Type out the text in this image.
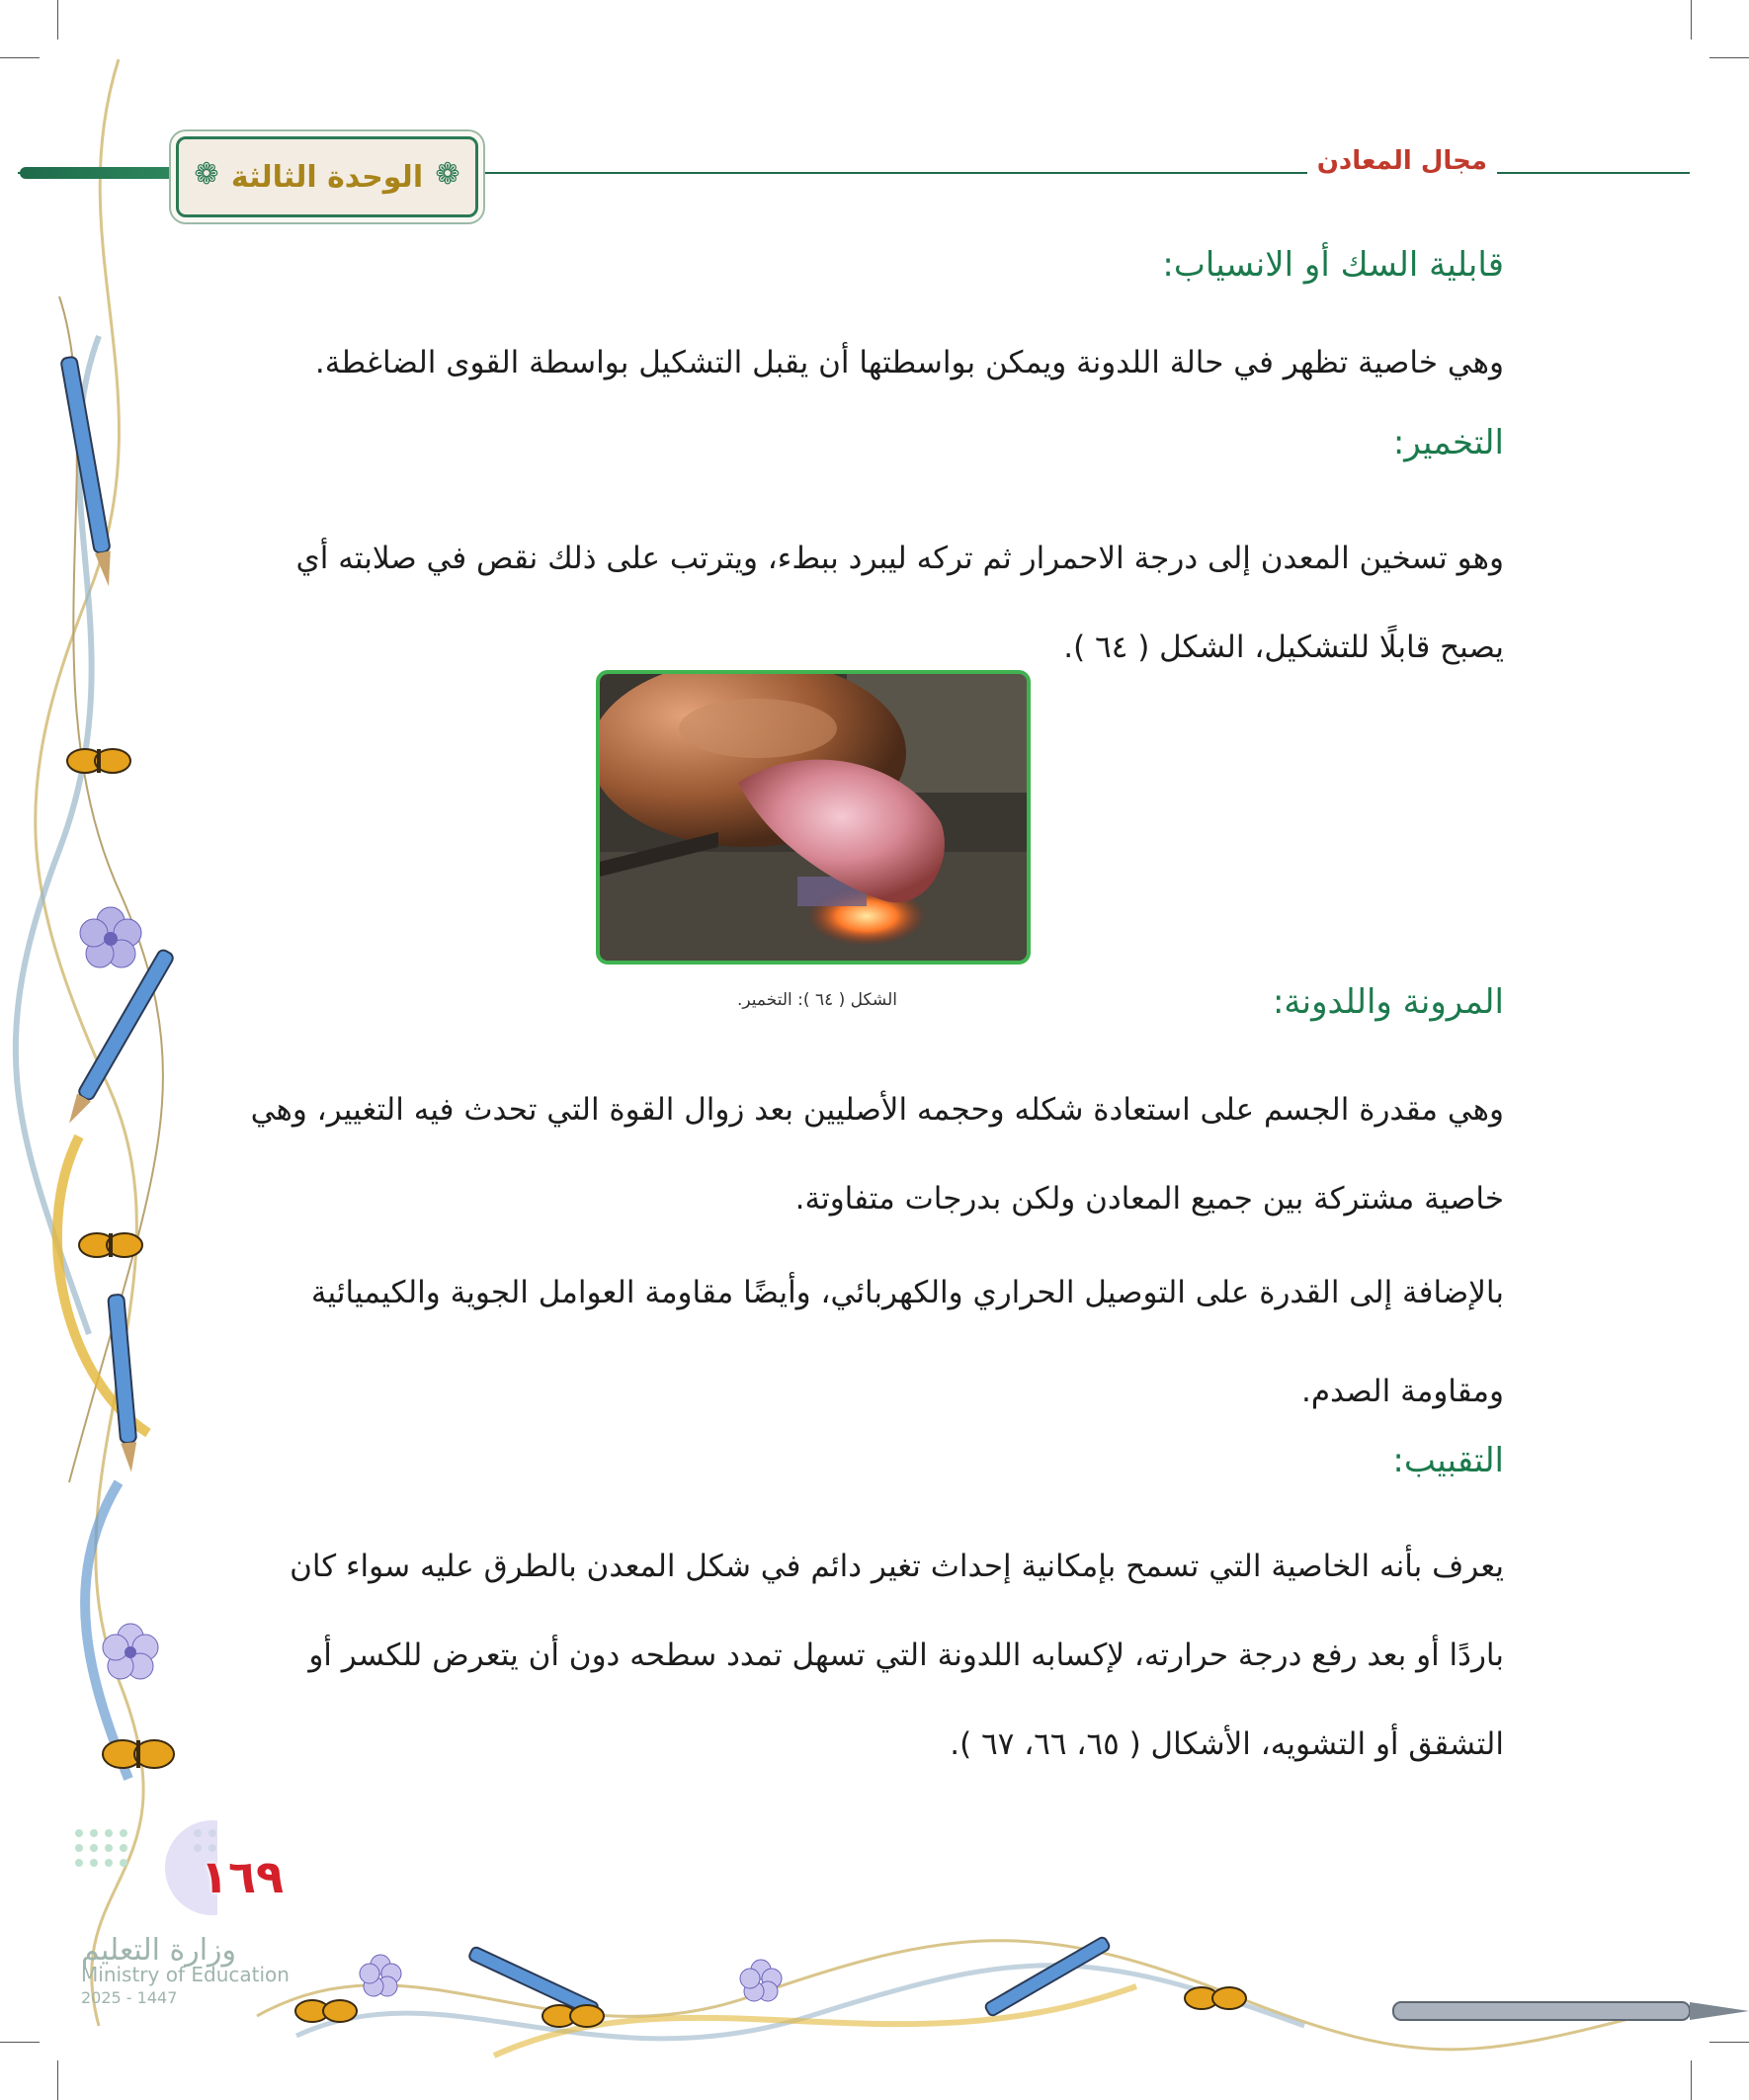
❁ الوحدة الثالثة ❁	مجال المعادن
قابلية السك أو الانسياب:
وهي خاصية تظهر في حالة اللدونة ويمكن بواسطتها أن يقبل التشكيل بواسطة القوى الضاغطة.
التخمير:
وهو تسخين المعدن إلى درجة الاحمرار ثم تركه ليبرد ببطء، ويترتب على ذلك نقص في صلابته أي يصبح قابلًا للتشكيل، الشكل ( ٦٤ ).
الشكل ( ٦٤ ): التخمير.	المرونة واللدونة:
وهي مقدرة الجسم على استعادة شكله وحجمه الأصليين بعد زوال القوة التي تحدث فيه التغيير، وهي خاصية مشتركة بين جميع المعادن ولكن بدرجات متفاوتة.
بالإضافة إلى القدرة على التوصيل الحراري والكهربائي، وأيضًا مقاومة العوامل الجوية والكيميائية ومقاومة الصدم.
التقبيب:
يعرف بأنه الخاصية التي تسمح بإمكانية إحداث تغير دائم في شكل المعدن بالطرق عليه سواء كان باردًا أو بعد رفع درجة حرارته، لإكسابه اللدونة التي تسهل تمدد سطحه دون أن يتعرض للكسر أو التشقق أو التشويه، الأشكال ( ٦٥، ٦٦، ٦٧ ).
١٦٩
وزارة التعليم
Ministry of Education
2025 - 1447
